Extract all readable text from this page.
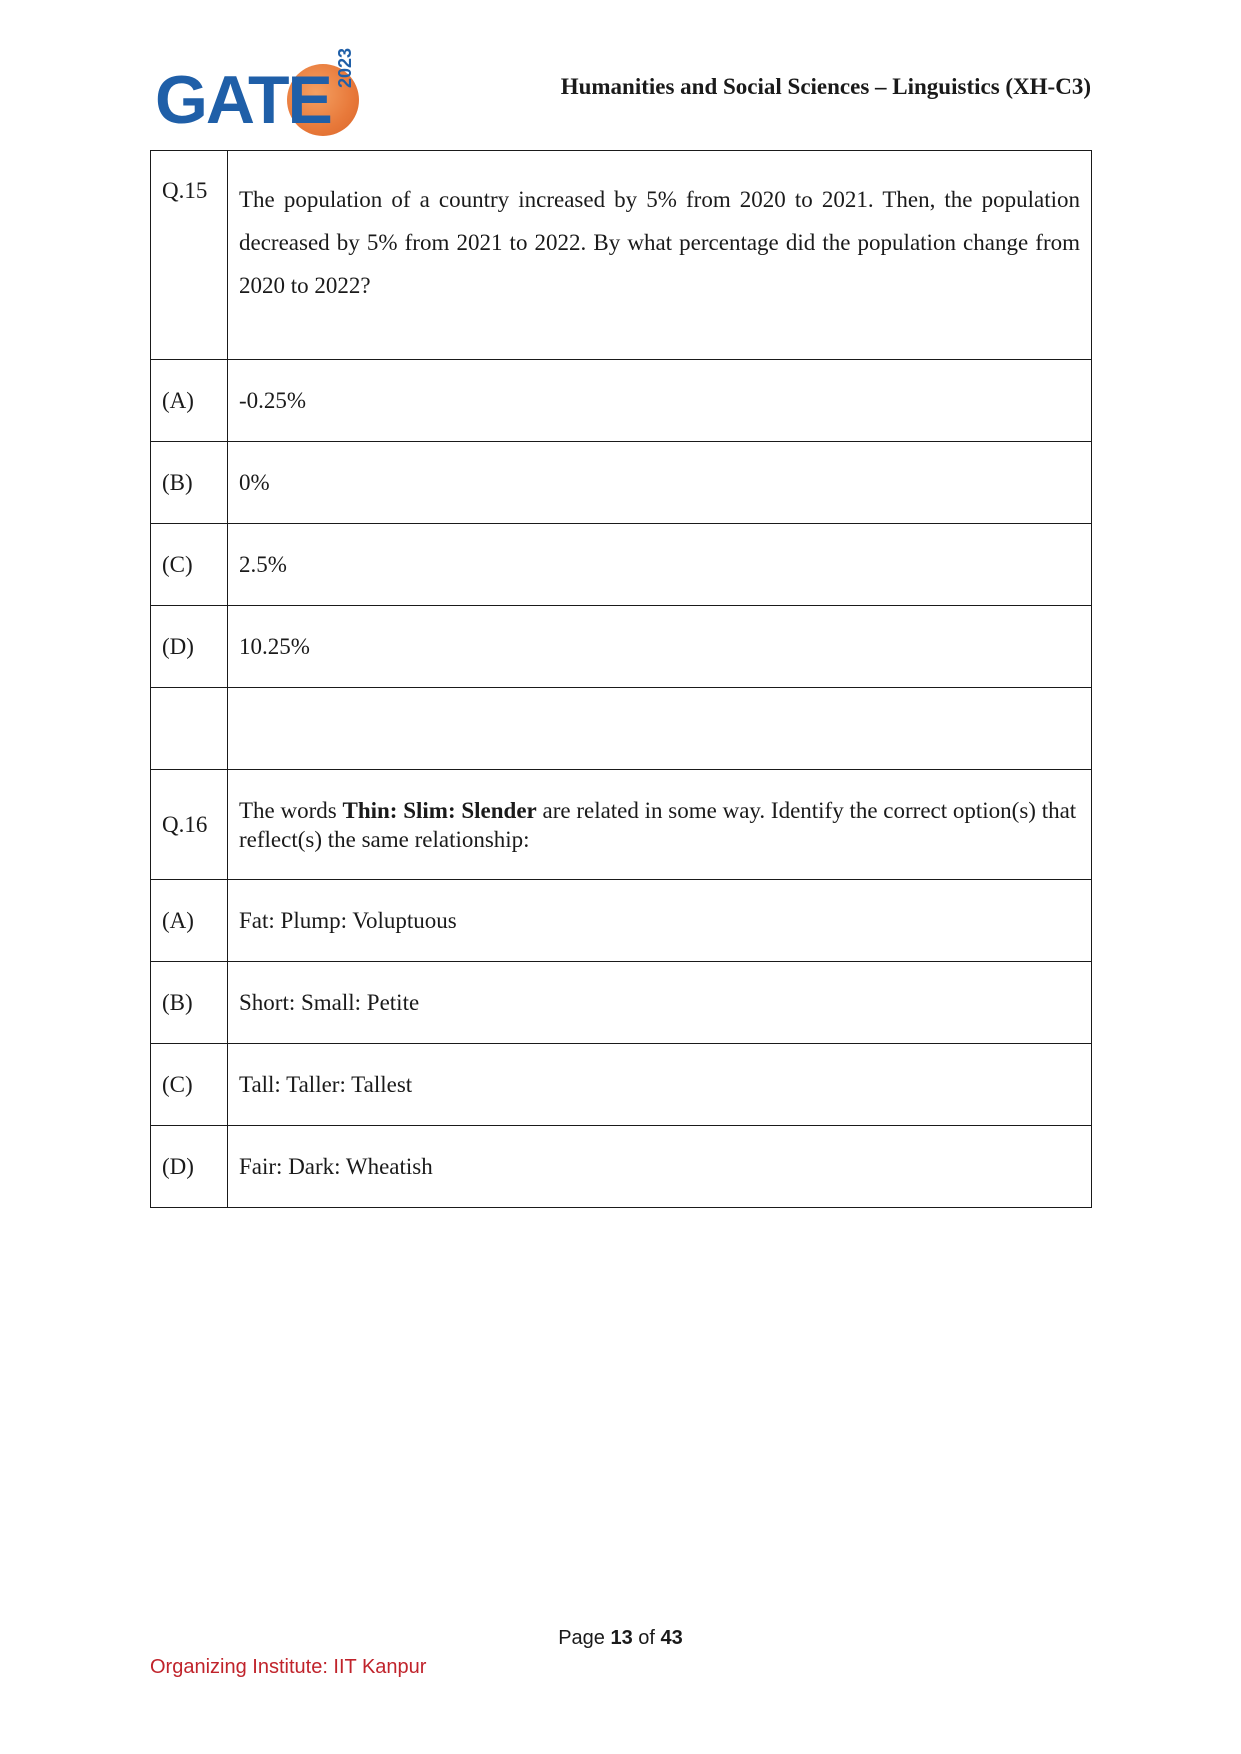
GATE 2023	Humanities and Social Sciences – Linguistics (XH-C3)
Q.15	The population of a country increased by 5% from 2020 to 2021. Then, the population decreased by 5% from 2021 to 2022. By what percentage did the population change from 2020 to 2022?
(A)	-0.25%
(B)	0%
(C)	2.5%
(D)	10.25%

Q.16	The words Thin: Slim: Slender are related in some way. Identify the correct option(s) that reflect(s) the same relationship:
(A)	Fat: Plump: Voluptuous
(B)	Short: Small: Petite
(C)	Tall: Taller: Tallest
(D)	Fair: Dark: Wheatish
Page 13 of 43
Organizing Institute: IIT Kanpur
